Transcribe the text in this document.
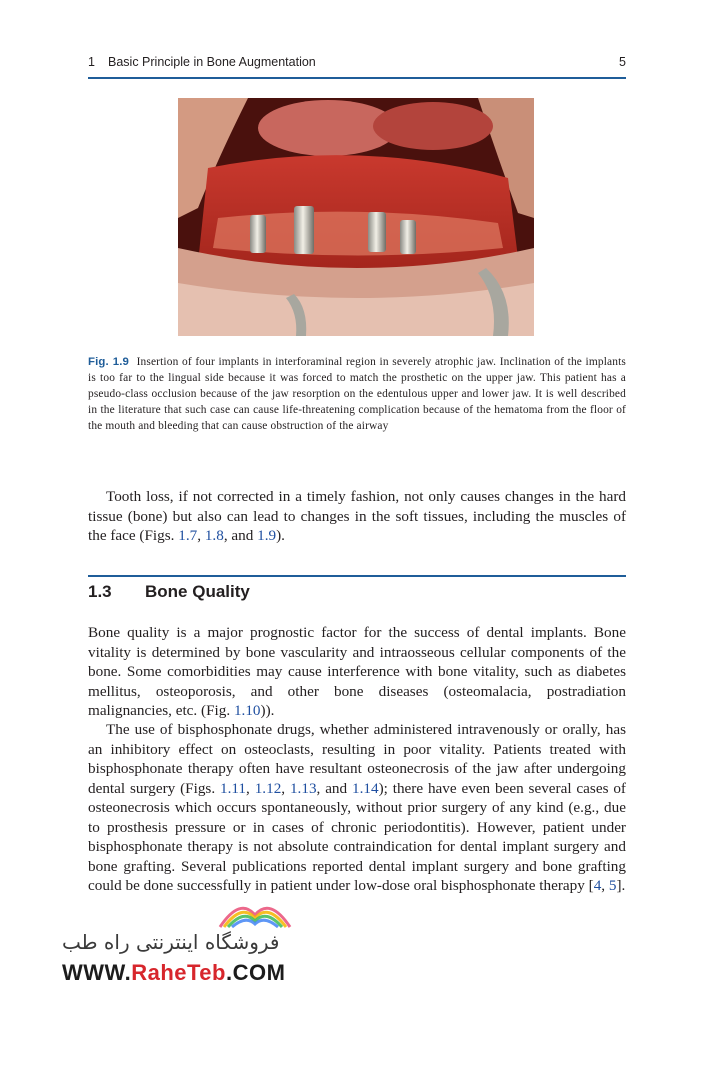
1 Basic Principle in Bone Augmentation	5
Fig. 1.9 Insertion of four implants in interforaminal region in severely atrophic jaw. Inclination of the implants is too far to the lingual side because it was forced to match the prosthetic on the upper jaw. This patient has a pseudo-class occlusion because of the jaw resorption on the edentulous upper and lower jaw. It is well described in the literature that such case can cause life-threatening complication because of the hematoma from the floor of the mouth and bleeding that can cause obstruction of the airway
Tooth loss, if not corrected in a timely fashion, not only causes changes in the hard tissue (bone) but also can lead to changes in the soft tissues, including the muscles of the face (Figs. 1.7, 1.8, and 1.9).
1.3 Bone Quality
Bone quality is a major prognostic factor for the success of dental implants. Bone vitality is determined by bone vascularity and intraosseous cellular components of the bone. Some comorbidities may cause interference with bone vitality, such as diabetes mellitus, osteoporosis, and other bone diseases (osteomalacia, postradiation malignancies, etc. (Fig. 1.10)).
The use of bisphosphonate drugs, whether administered intravenously or orally, has an inhibitory effect on osteoclasts, resulting in poor vitality. Patients treated with bisphosphonate therapy often have resultant osteonecrosis of the jaw after undergoing dental surgery (Figs. 1.11, 1.12, 1.13, and 1.14); there have even been several cases of osteonecrosis which occurs spontaneously, without prior surgery of any kind (e.g., due to prosthesis pressure or in cases of chronic periodontitis). However, patient under bisphosphonate therapy is not absolute contraindication for dental implant surgery and bone grafting. Several publications reported dental implant surgery and bone grafting could be done successfully in patient under low-dose oral bisphosphonate therapy [4, 5].
فروشگاه اینترنتی راه طب
WWW.RaheTeb.COM
